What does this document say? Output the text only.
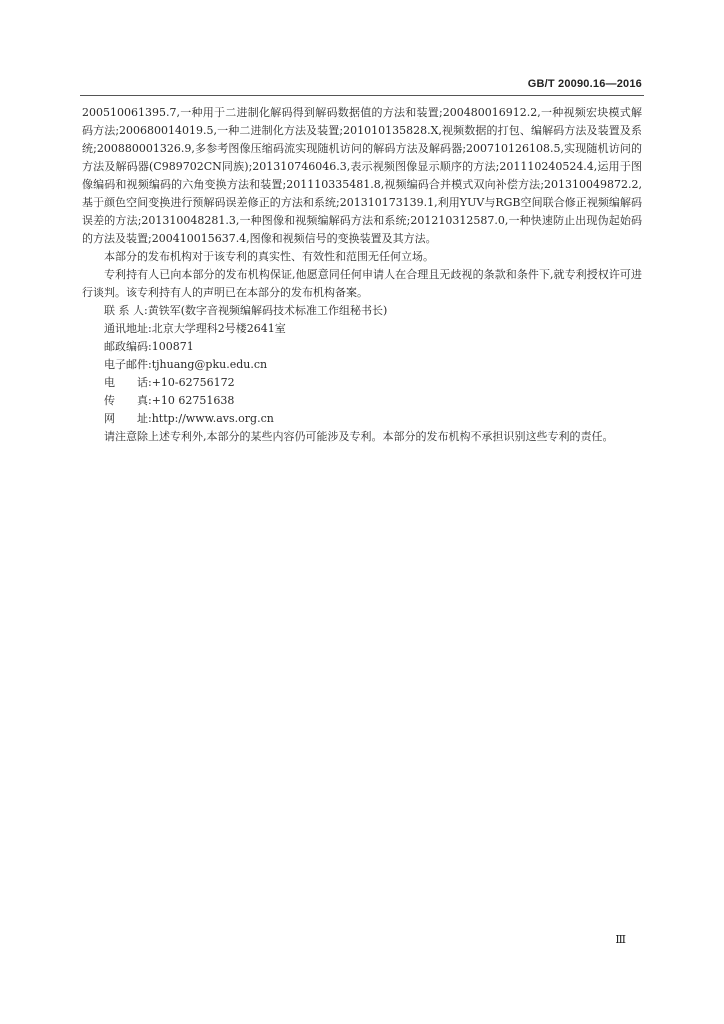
GB/T 20090.16—2016

200510061395.7,一种用于二进制化解码得到解码数据值的方法和装置;200480016912.2,一种视频宏块模式解码方法;200680014019.5,一种二进制化方法及装置;201010135828.X,视频数据的打包、编解码方法及装置及系统;200880001326.9,多参考图像压缩码流实现随机访问的解码方法及解码器;200710126108.5,实现随机访问的方法及解码器(C989702CN同族);201310746046.3,表示视频图像显示顺序的方法;201110240524.4,运用于图像编码和视频编码的六角变换方法和装置;201110335481.8,视频编码合并模式双向补偿方法;201310049872.2,基于颜色空间变换进行预解码误差修正的方法和系统;201310173139.1,利用YUV与RGB空间联合修正视频编解码误差的方法;201310048281.3,一种图像和视频编解码方法和系统;201210312587.0,一种快速防止出现伪起始码的方法及装置;200410015637.4,图像和视频信号的变换装置及其方法。

本部分的发布机构对于该专利的真实性、有效性和范围无任何立场。

专利持有人已向本部分的发布机构保证,他愿意同任何申请人在合理且无歧视的条款和条件下,就专利授权许可进行谈判。该专利持有人的声明已在本部分的发布机构备案。

联 系 人:黄铁军(数字音视频编解码技术标准工作组秘书长)

通讯地址:北京大学理科2号楼2641室

邮政编码:100871

电子邮件:tjhuang@pku.edu.cn

电　　话:+10-62756172

传　　真:+10 62751638

网　　址:http://www.avs.org.cn

请注意除上述专利外,本部分的某些内容仍可能涉及专利。本部分的发布机构不承担识别这些专利的责任。

Ⅲ
